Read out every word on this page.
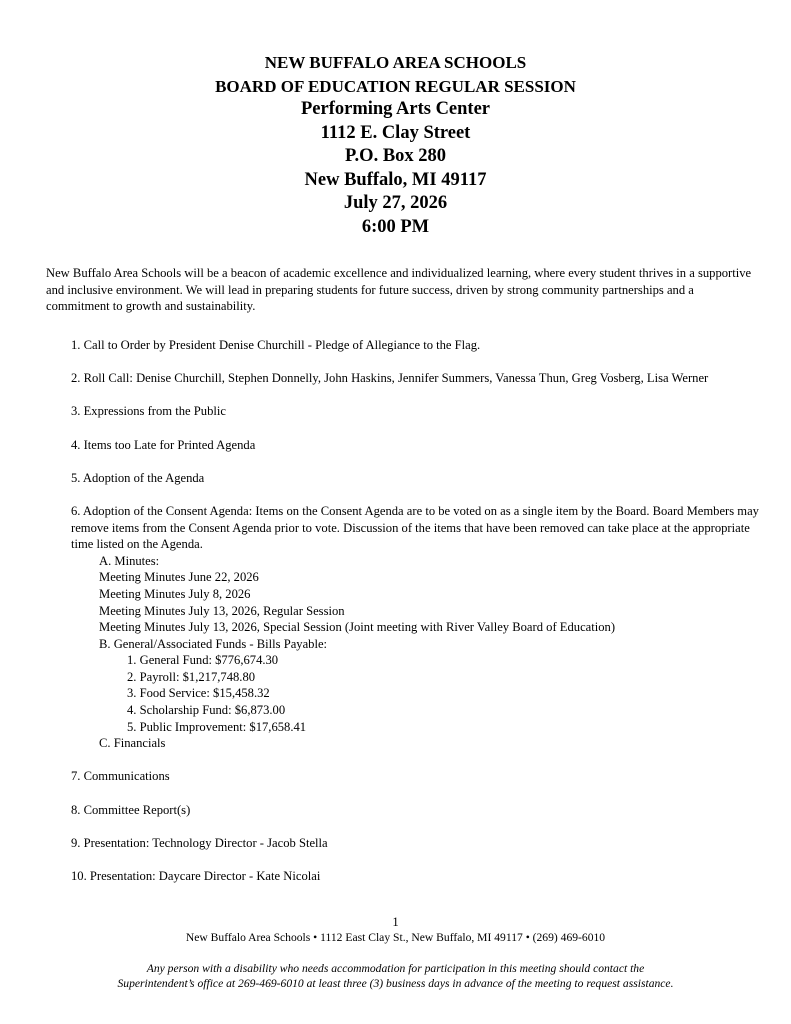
NEW BUFFALO AREA SCHOOLS
BOARD OF EDUCATION REGULAR SESSION
Performing Arts Center
1112 E. Clay Street
P.O. Box 280
New Buffalo, MI 49117
July 27, 2026
6:00 PM
New Buffalo Area Schools will be a beacon of academic excellence and individualized learning, where every student thrives in a supportive and inclusive environment. We will lead in preparing students for future success, driven by strong community partnerships and a commitment to growth and sustainability.
1. Call to Order by President Denise Churchill - Pledge of Allegiance to the Flag.
2. Roll Call: Denise Churchill, Stephen Donnelly, John Haskins, Jennifer Summers, Vanessa Thun, Greg Vosberg, Lisa Werner
3. Expressions from the Public
4. Items too Late for Printed Agenda
5. Adoption of the Agenda
6. Adoption of the Consent Agenda: Items on the Consent Agenda are to be voted on as a single item by the Board. Board Members may remove items from the Consent Agenda prior to vote. Discussion of the items that have been removed can take place at the appropriate time listed on the Agenda.
A. Minutes:
Meeting Minutes June 22, 2026
Meeting Minutes July 8, 2026
Meeting Minutes July 13, 2026, Regular Session
Meeting Minutes July 13, 2026, Special Session (Joint meeting with River Valley Board of Education)
B. General/Associated Funds - Bills Payable:
1. General Fund: $776,674.30
2. Payroll: $1,217,748.80
3. Food Service: $15,458.32
4. Scholarship Fund: $6,873.00
5. Public Improvement: $17,658.41
C. Financials
7. Communications
8. Committee Report(s)
9. Presentation: Technology Director - Jacob Stella
10. Presentation: Daycare Director - Kate Nicolai
1
New Buffalo Area Schools • 1112 East Clay St., New Buffalo, MI 49117 • (269) 469-6010
Any person with a disability who needs accommodation for participation in this meeting should contact the
Superintendent’s office at 269-469-6010 at least three (3) business days in advance of the meeting to request assistance.
